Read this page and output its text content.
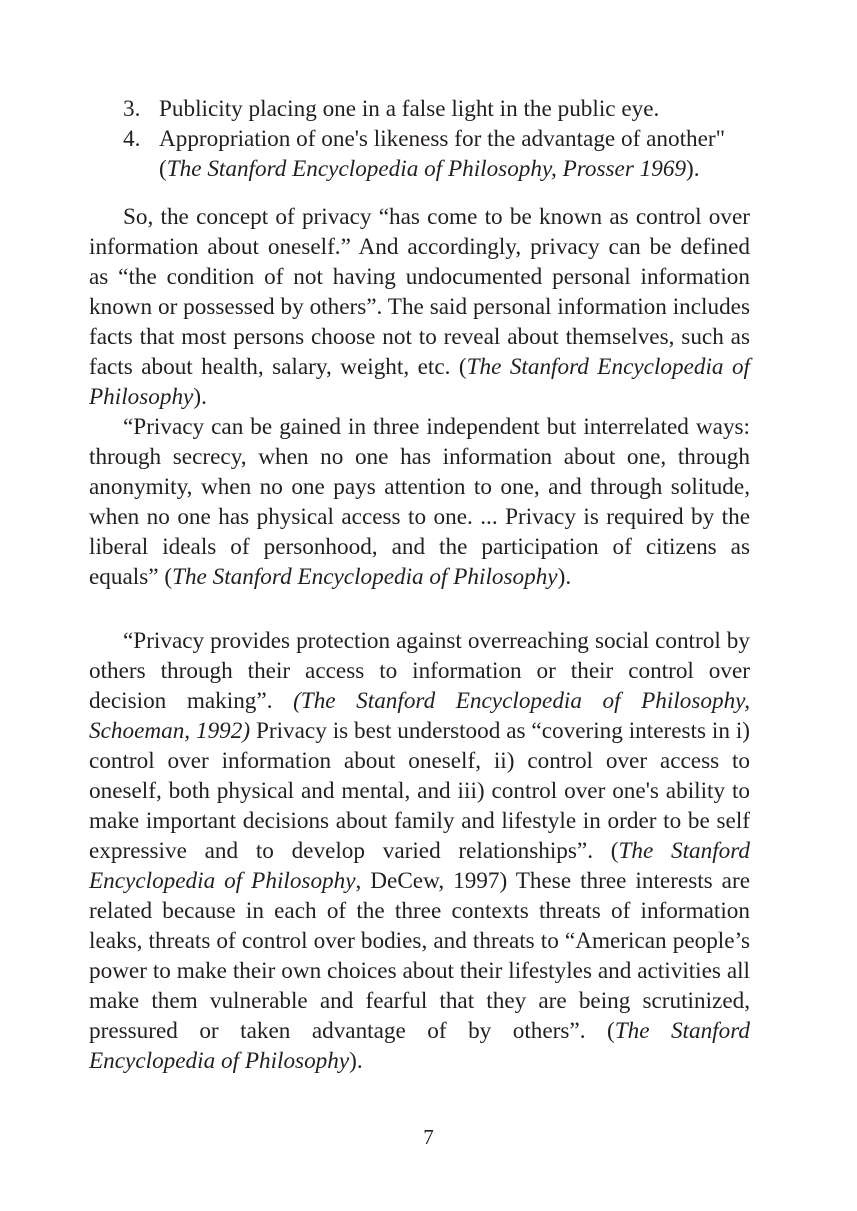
3. Publicity placing one in a false light in the public eye.
4. Appropriation of one's likeness for the advantage of another"
(The Stanford Encyclopedia of Philosophy, Prosser 1969).

So, the concept of privacy “has come to be known as control over information about oneself.” And accordingly, privacy can be defined as “the condition of not having undocumented personal information known or possessed by others”. The said personal information includes facts that most persons choose not to reveal about themselves, such as facts about health, salary, weight, etc. (The Stanford Encyclopedia of Philosophy).

“Privacy can be gained in three independent but interrelated ways: through secrecy, when no one has information about one, through anonymity, when no one pays attention to one, and through solitude, when no one has physical access to one. ... Privacy is required by the liberal ideals of personhood, and the participation of citizens as equals” (The Stanford Encyclopedia of Philosophy).

“Privacy provides protection against overreaching social control by others through their access to information or their control over decision making”. (The Stanford Encyclopedia of Philosophy, Schoeman, 1992) Privacy is best understood as “covering interests in i) control over information about oneself, ii) control over access to oneself, both physical and mental, and iii) control over one's ability to make important decisions about family and lifestyle in order to be self expressive and to develop varied relationships”. (The Stanford Encyclopedia of Philosophy, DeCew, 1997) These three interests are related because in each of the three contexts threats of information leaks, threats of control over bodies, and threats to “American people’s power to make their own choices about their lifestyles and activities all make them vulnerable and fearful that they are being scrutinized, pressured or taken advantage of by others”. (The Stanford Encyclopedia of Philosophy).

7
